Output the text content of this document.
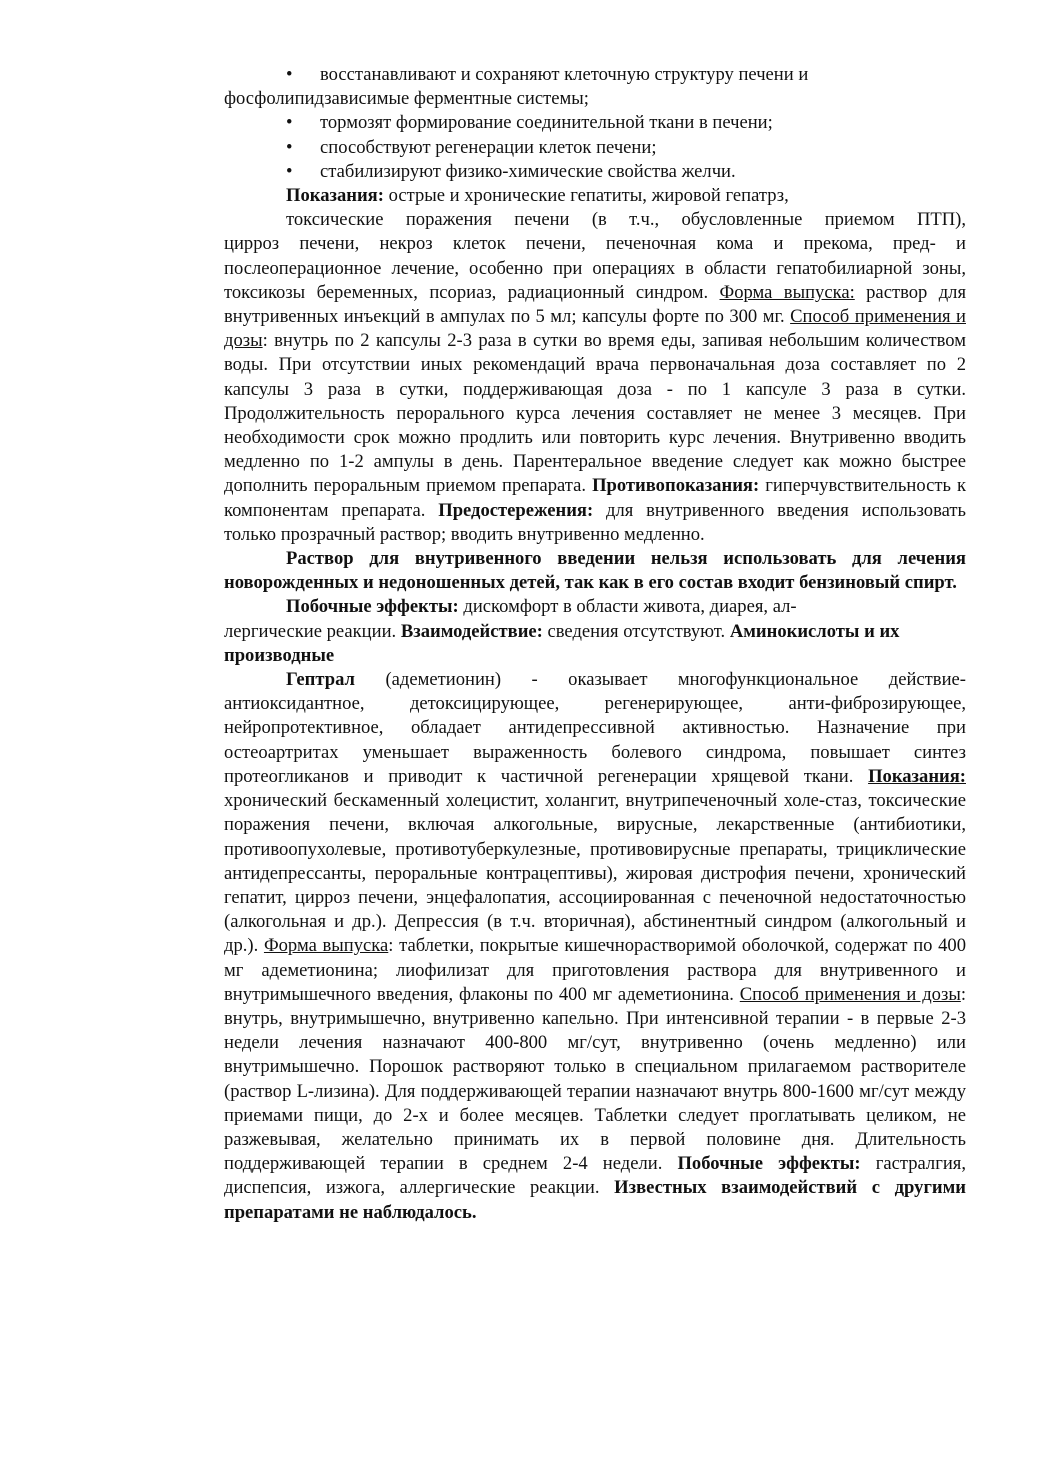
• восстанавливают и сохраняют клеточную структуру печени и

фосфолипидзависимые ферментные системы;

• тормозят формирование соединительной ткани в печени;

• способствуют регенерации клеток печени;

• стабилизируют физико-химические свойства желчи.

Показания: острые и хронические гепатиты, жировой гепатрз,

токсические поражения печени (в т.ч., обусловленные приемом ПТП),

цирроз печени, некроз клеток печени, печеночная кома и прекома, пред- и послеоперационное лечение, особенно при операциях в области гепатобилиарной зоны, токсикозы беременных, псориаз, радиационный синдром. Форма выпуска: раствор для внутривенных инъекций в ампулах по 5 мл; капсулы форте по 300 мг. Способ применения и дозы: внутрь по 2 капсулы 2-3 раза в сутки во время еды, запивая небольшим количеством воды. При отсутствии иных рекомендаций врача первоначальная доза составляет по 2 капсулы 3 раза в сутки, поддерживающая доза - по 1 капсуле 3 раза в сутки. Продолжительность перорального курса лечения составляет не менее 3 месяцев. При необходимости срок можно продлить или повторить курс лечения. Внутривенно вводить медленно по 1-2 ампулы в день. Парентеральное введение следует как можно быстрее дополнить пероральным приемом препарата. Противопоказания: гиперчувствительность к компонентам препарата. Предостережения: для внутривенного введения использовать только прозрачный раствор; вводить внутривенно медленно.

Раствор для внутривенного введении нельзя использовать для лечения новорожденных и недоношенных детей, так как в его состав входит бензиновый спирт.

Побочные эффекты: дискомфорт в области живота, диарея, ал-

лергические реакции. Взаимодействие: сведения отсутствуют. Аминокислоты и их производные

Гептрал (адеметионин) - оказывает многофункциональное действие-антиоксидантное, детоксицирующее, регенерирующее, анти-фиброзирующее, нейропротективное, обладает антидепрессивной активностью. Назначение при остеоартритах уменьшает выраженность болевого синдрома, повышает синтез протеогликанов и приводит к частичной регенерации хрящевой ткани. Показания: хронический бескаменный холецистит, холангит, внутрипеченочный холе-стаз, токсические поражения печени, включая алкогольные, вирусные, лекарственные (антибиотики, противоопухолевые, противотуберкулезные, противовирусные препараты, трициклические антидепрессанты, пероральные контрацептивы), жировая дистрофия печени, хронический гепатит, цирроз печени, энцефалопатия, ассоциированная с печеночной недостаточностью (алкогольная и др.). Депрессия (в т.ч. вторичная), абстинентный синдром (алкогольный и др.). Форма выпуска: таблетки, покрытые кишечнорастворимой оболочкой, содержат по 400 мг адеметионина; лиофилизат для приготовления раствора для внутривенного и внутримышечного введения, флаконы по 400 мг адеметионина. Способ применения и дозы: внутрь, внутримышечно, внутривенно капельно. При интенсивной терапии - в первые 2-3 недели лечения назначают 400-800 мг/сут, внутривенно (очень медленно) или внутримышечно. Порошок растворяют только в специальном прилагаемом растворителе (раствор L-лизина). Для поддерживающей терапии назначают внутрь 800-1600 мг/сут между приемами пищи, до 2-х и более месяцев. Таблетки следует проглатывать целиком, не разжевывая, желательно принимать их в первой половине дня. Длительность поддерживающей терапии в среднем 2-4 недели. Побочные эффекты: гастралгия, диспепсия, изжога, аллергические реакции. Известных взаимодействий с другими препаратами не наблюдалось.
